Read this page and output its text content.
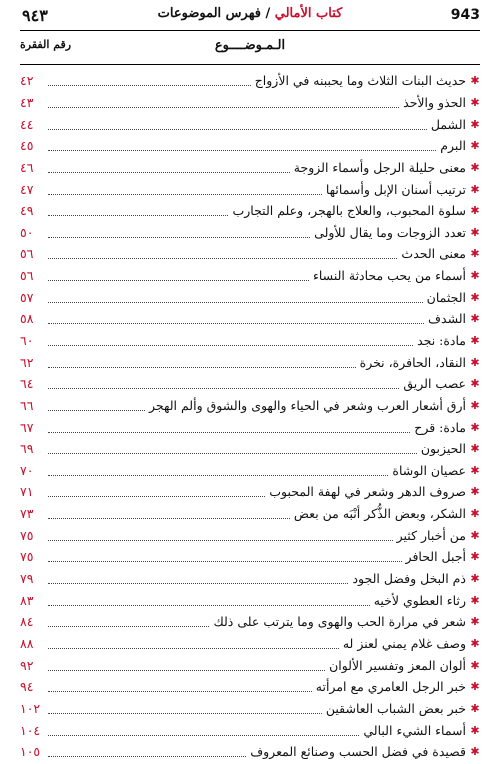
٩٤٣	كتاب الأمالي / فهرس الموضوعات	943
الـمـوضــــوع
رقم الفقرة
✱
حديث البنات الثلاث وما يحببنه في الأزواج
٤٢
✱
الحذو والأحذ
٤٣
✱
الشمل
٤٤
✱
البرم
٤٥
✱
معنى حليلة الرجل وأسماء الزوجة
٤٦
✱
ترتيب أسنان الإبل وأسمائها
٤٧
✱
سلوة المحبوب، والعلاج بالهجر، وعلم التجارب
٤٩
✱
تعدد الزوجات وما يقال للأولى
٥٠
✱
معنى الحدث
٥٦
✱
أسماء من يحب محادثة النساء
٥٦
✱
الجثمان
٥٧
✱
الشدف
٥٨
✱
مادة: نجد
٦٠
✱
النقاد، الحافرة، نخرة
٦٢
✱
عصب الريق
٦٤
✱
أرق أشعار العرب وشعر في الحياء والهوى والشوق وألم الهجر
٦٦
✱
مادة: قرح
٦٧
✱
الحيزبون
٦٩
✱
عصيان الوشاة
٧٠
✱
صروف الدهر وشعر في لهفة المحبوب
٧١
✱
الشكر، وبعض الذُّكر أنْبَه من بعض
٧٣
✱
من أخبار كثير
٧٥
✱
أجبل الحافر
٧٥
✱
ذم البخل وفضل الجود
٧٩
✱
رثاء العطوي لأخيه
٨٣
✱
شعر في مرارة الحب والهوى وما يترتب على ذلك
٨٤
✱
وصف غلام يمني لعنز له
٨٨
✱
ألوان المعز وتفسير الألوان
٩٢
✱
خبر الرجل العامري مع امرأته
٩٤
✱
خبر بعض الشباب العاشقين
١٠٢
✱
أسماء الشيء البالي
١٠٤
✱
قصيدة في فضل الحسب وصنائع المعروف
١٠٥
